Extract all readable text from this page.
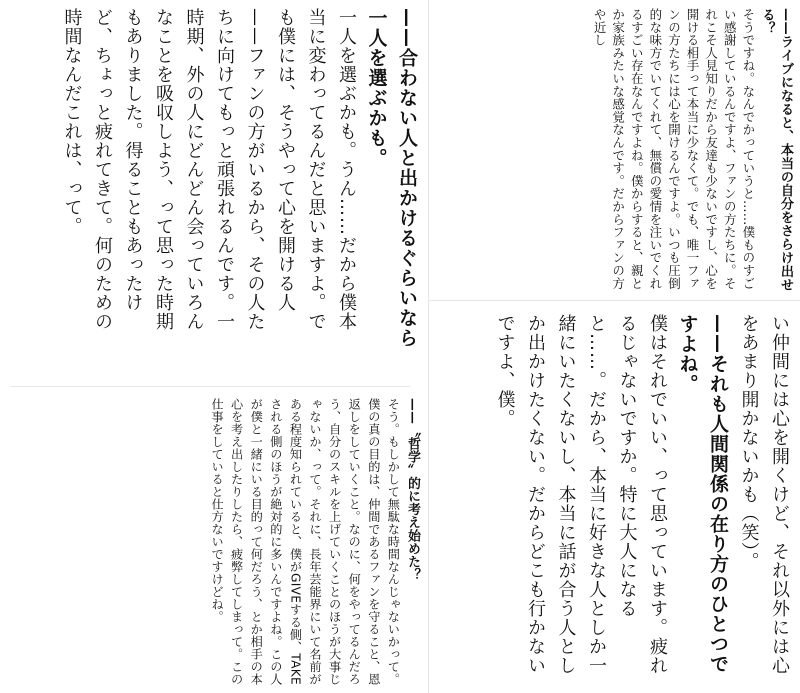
——ライブになると、本当の自分をさらけ出せる？

そうですね。なんでかっていうと……僕ものすごい感謝しているんですよ、ファンの方たちに。それこそ人見知りだから友達も少ないですし、心を開ける相手って本当に少なくて。でも、唯一ファンの方たちには心を開けるんですよ。いつも圧倒的な味方でいてくれて、無償の愛情を注いでくれるすごい存在なんですよね。僕からすると、親とか家族みたいな感覚なんです。だからファンの方や近し

い仲間には心を開くけど、それ以外には心をあまり開かないかも（笑）。

——それも人間関係の在り方のひとつですよね。

僕はそれでいい、って思っています。疲れるじゃないですか。特に大人になると……。だから、本当に好きな人としか一緒にいたくないし、本当に話が合う人としか出かけたくない。だからどこも行かないですよ、僕。

——合わない人と出かけるぐらいなら一人を選ぶかも。

一人を選ぶかも。うん……だから僕本当に変わってるんだと思いますよ。でも僕には、そうやって心を開ける人——ファンの方がいるから、その人たちに向けてもっと頑張れるんです。一時期、外の人にどんどん会っていろんなことを吸収しよう、って思った時期もありました。得ることもあったけど、ちょっと疲れてきて。何のための時間なんだこれは、って。

——〝哲学〟的に考え始めた？

そう。もしかして無駄な時間なんじゃないかって。僕の真の目的は、仲間であるファンを守ること、恩返しをしていくこと。なのに、何をやってるんだろう、自分のスキルを上げていくことのほうが大事じゃないか、って。それに、長年芸能界にいて名前がある程度知られていると、僕がGIVEする側、TAKEされる側のほうが絶対的に多いんですよね。この人が僕と一緒にいる目的って何だろう、とか相手の本心を考え出したりしたら、疲弊してしまって。この仕事をしていると仕方ないですけどね。
